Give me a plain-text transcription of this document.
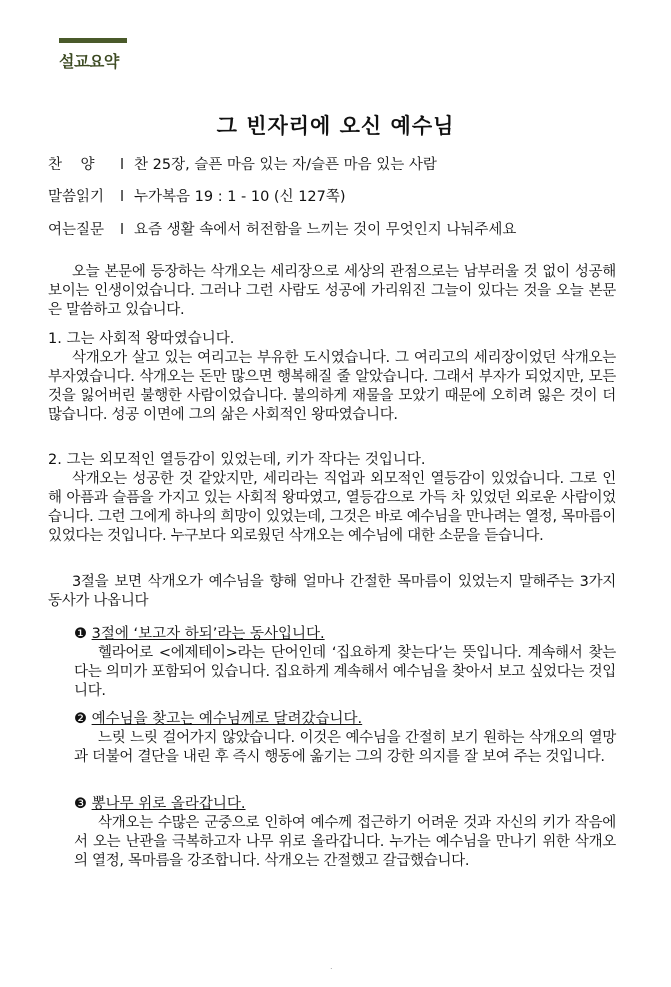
설교요약
그 빈자리에 오신 예수님
찬    양 l 찬 25장, 슬픈 마음 있는 자/슬픈 마음 있는 사람
말씀읽기 l 누가복음 19 : 1 - 10 (신 127쪽)
여는질문 l 요즘 생활 속에서 허전함을 느끼는 것이 무엇인지 나눠주세요
오늘 본문에 등장하는 삭개오는 세리장으로 세상의 관점으로는 남부러울 것 없이 성공해 보이는 인생이었습니다. 그러나 그런 사람도 성공에 가리워진 그늘이 있다는 것을 오늘 본문은 말씀하고 있습니다.
1. 그는 사회적 왕따였습니다.
삭개오가 살고 있는 여리고는 부유한 도시였습니다. 그 여리고의 세리장이었던 삭개오는 부자였습니다. 삭개오는 돈만 많으면 행복해질 줄 알았습니다. 그래서 부자가 되었지만, 모든 것을 잃어버린 불행한 사람이었습니다. 불의하게 재물을 모았기 때문에 오히려 잃은 것이 더 많습니다. 성공 이면에 그의 삶은 사회적인 왕따였습니다.
2. 그는 외모적인 열등감이 있었는데, 키가 작다는 것입니다.
삭개오는 성공한 것 같았지만, 세리라는 직업과 외모적인 열등감이 있었습니다. 그로 인해 아픔과 슬픔을 가지고 있는 사회적 왕따였고, 열등감으로 가득 차 있었던 외로운 사람이었습니다. 그런 그에게 하나의 희망이 있었는데, 그것은 바로 예수님을 만나려는 열정, 목마름이 있었다는 것입니다. 누구보다 외로웠던 삭개오는 예수님에 대한 소문을 듣습니다.
3절을 보면 삭개오가 예수님을 향해 얼마나 간절한 목마름이 있었는지 말해주는 3가지 동사가 나옵니다
❶ 3절에 ‘보고자 하되’라는 동사입니다.
헬라어로 <에제테이>라는 단어인데 ‘집요하게 찾는다’는 뜻입니다. 계속해서 찾는다는 의미가 포함되어 있습니다. 집요하게 계속해서 예수님을 찾아서 보고 싶었다는 것입니다.
❷ 예수님을 찾고는 예수님께로 달려갔습니다.
느릿 느릿 걸어가지 않았습니다. 이것은 예수님을 간절히 보기 원하는 삭개오의 열망과 더불어 결단을 내린 후 즉시 행동에 옮기는 그의 강한 의지를 잘 보여 주는 것입니다.
❸ 뽕나무 위로 올라갑니다.
삭개오는 수많은 군중으로 인하여 예수께 접근하기 어려운 것과 자신의 키가 작음에서 오는 난관을 극복하고자 나무 위로 올라갑니다. 누가는 예수님을 만나기 위한 삭개오의 열정, 목마름을 강조합니다. 삭개오는 간절했고 갈급했습니다.
.
